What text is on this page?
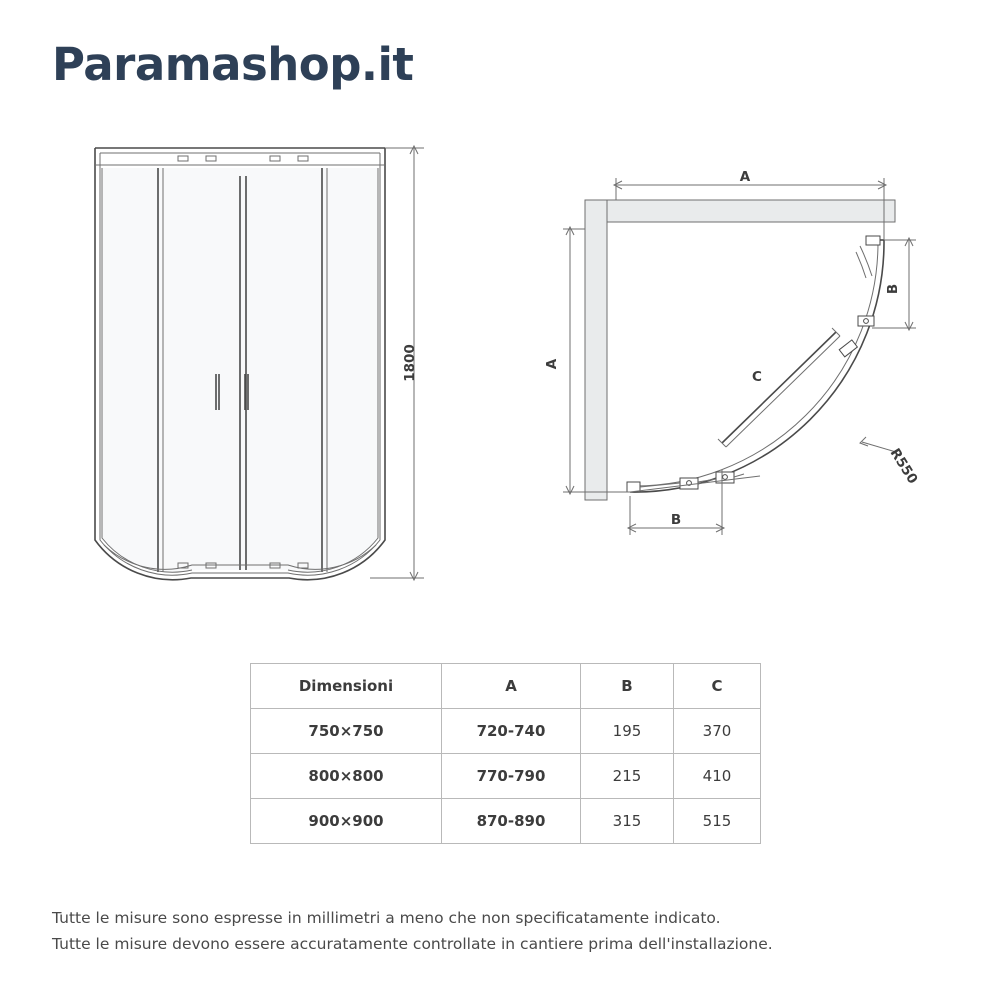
Paramashop.it
1800
A
A
B
B
C
R550
Dimensioni	A	B	C
750×750	720-740	195	370
800×800	770-790	215	410
900×900	870-890	315	515
Tutte le misure sono espresse in millimetri a meno che non specificatamente indicato.
Tutte le misure devono essere accuratamente controllate in cantiere prima dell'installazione.
